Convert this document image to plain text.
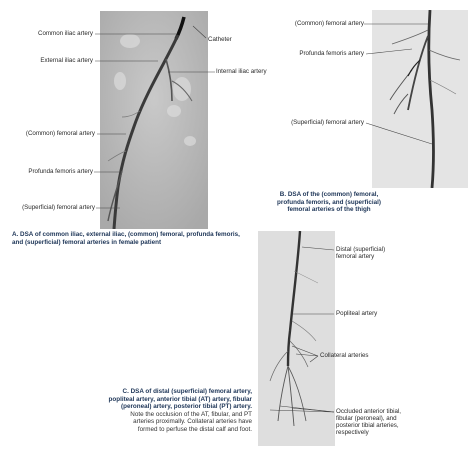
Common iliac artery
Catheter
External iliac artery
Internal iliac artery
(Common) femoral artery
Profunda femoris artery
(Superficial) femoral artery
A. DSA of common iliac, external iliac, (common) femoral, profunda femoris, and (superficial) femoral arteries in female patient
(Common) femoral artery
Profunda femoris artery
(Superficial) femoral artery
B. DSA of the (common) femoral,
profunda femoris, and (superficial)
femoral arteries of the thigh
Distal (superficial)
femoral artery
Popliteal artery
Collateral arteries
Occluded anterior tibial,
fibular (peroneal), and
posterior tibial arteries,
respectively
C. DSA of distal (superficial) femoral artery,
popliteal artery, anterior tibial (AT) artery, fibular
(peroneal) artery, posterior tibial (PT) artery.
Note the occlusion of the AT, fibular, and PT
arteries proximally. Collateral arteries have
formed to perfuse the distal calf and foot.
